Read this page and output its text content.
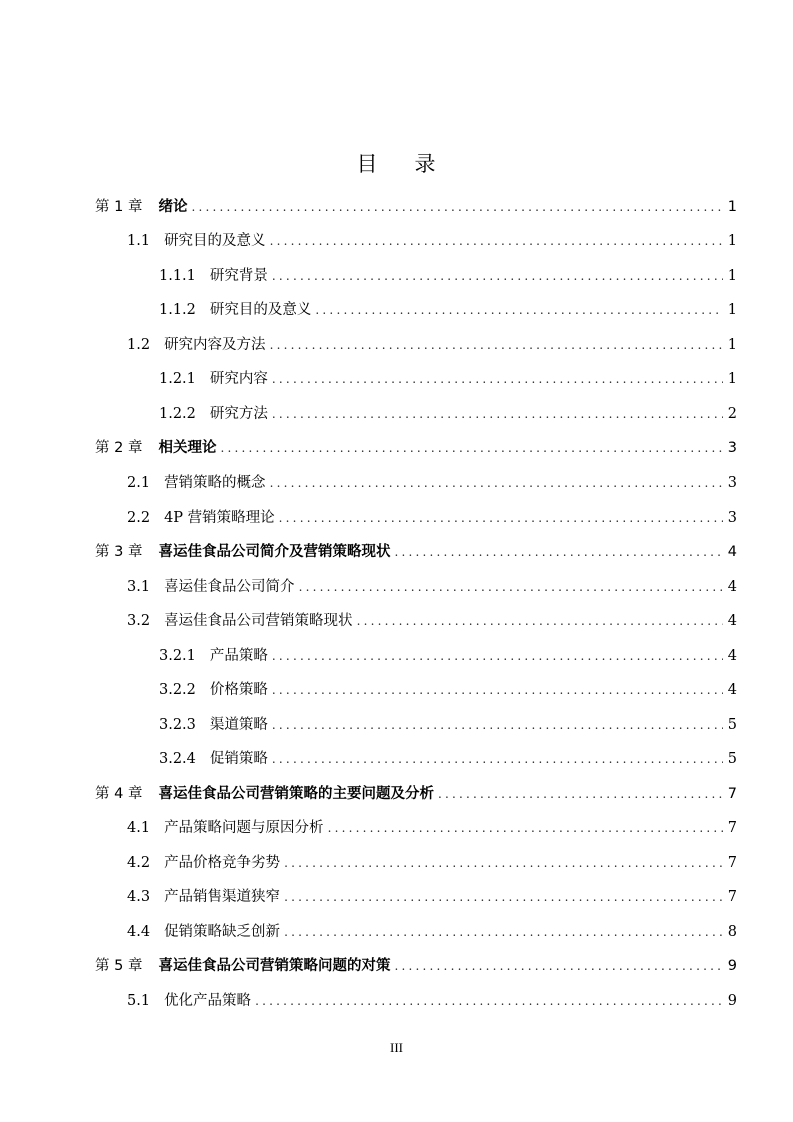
目 录
第 1 章 绪论 .....	1
1.1 研究目的及意义 .....	1
1.1.1 研究背景 .....	1
1.1.2 研究目的及意义 .....	1
1.2 研究内容及方法 .....	1
1.2.1 研究内容 .....	1
1.2.2 研究方法 .....	2
第 2 章 相关理论 .....	3
2.1 营销策略的概念 .....	3
2.2 4P 营销策略理论 .....	3
第 3 章 喜运佳食品公司简介及营销策略现状 .....	4
3.1 喜运佳食品公司简介 .....	4
3.2 喜运佳食品公司营销策略现状 .....	4
3.2.1 产品策略 .....	4
3.2.2 价格策略 .....	4
3.2.3 渠道策略 .....	5
3.2.4 促销策略 .....	5
第 4 章 喜运佳食品公司营销策略的主要问题及分析 .....	7
4.1 产品策略问题与原因分析 .....	7
4.2 产品价格竞争劣势 .....	7
4.3 产品销售渠道狭窄 .....	7
4.4 促销策略缺乏创新 .....	8
第 5 章 喜运佳食品公司营销策略问题的对策 .....	9
5.1 优化产品策略 .....	9
III
